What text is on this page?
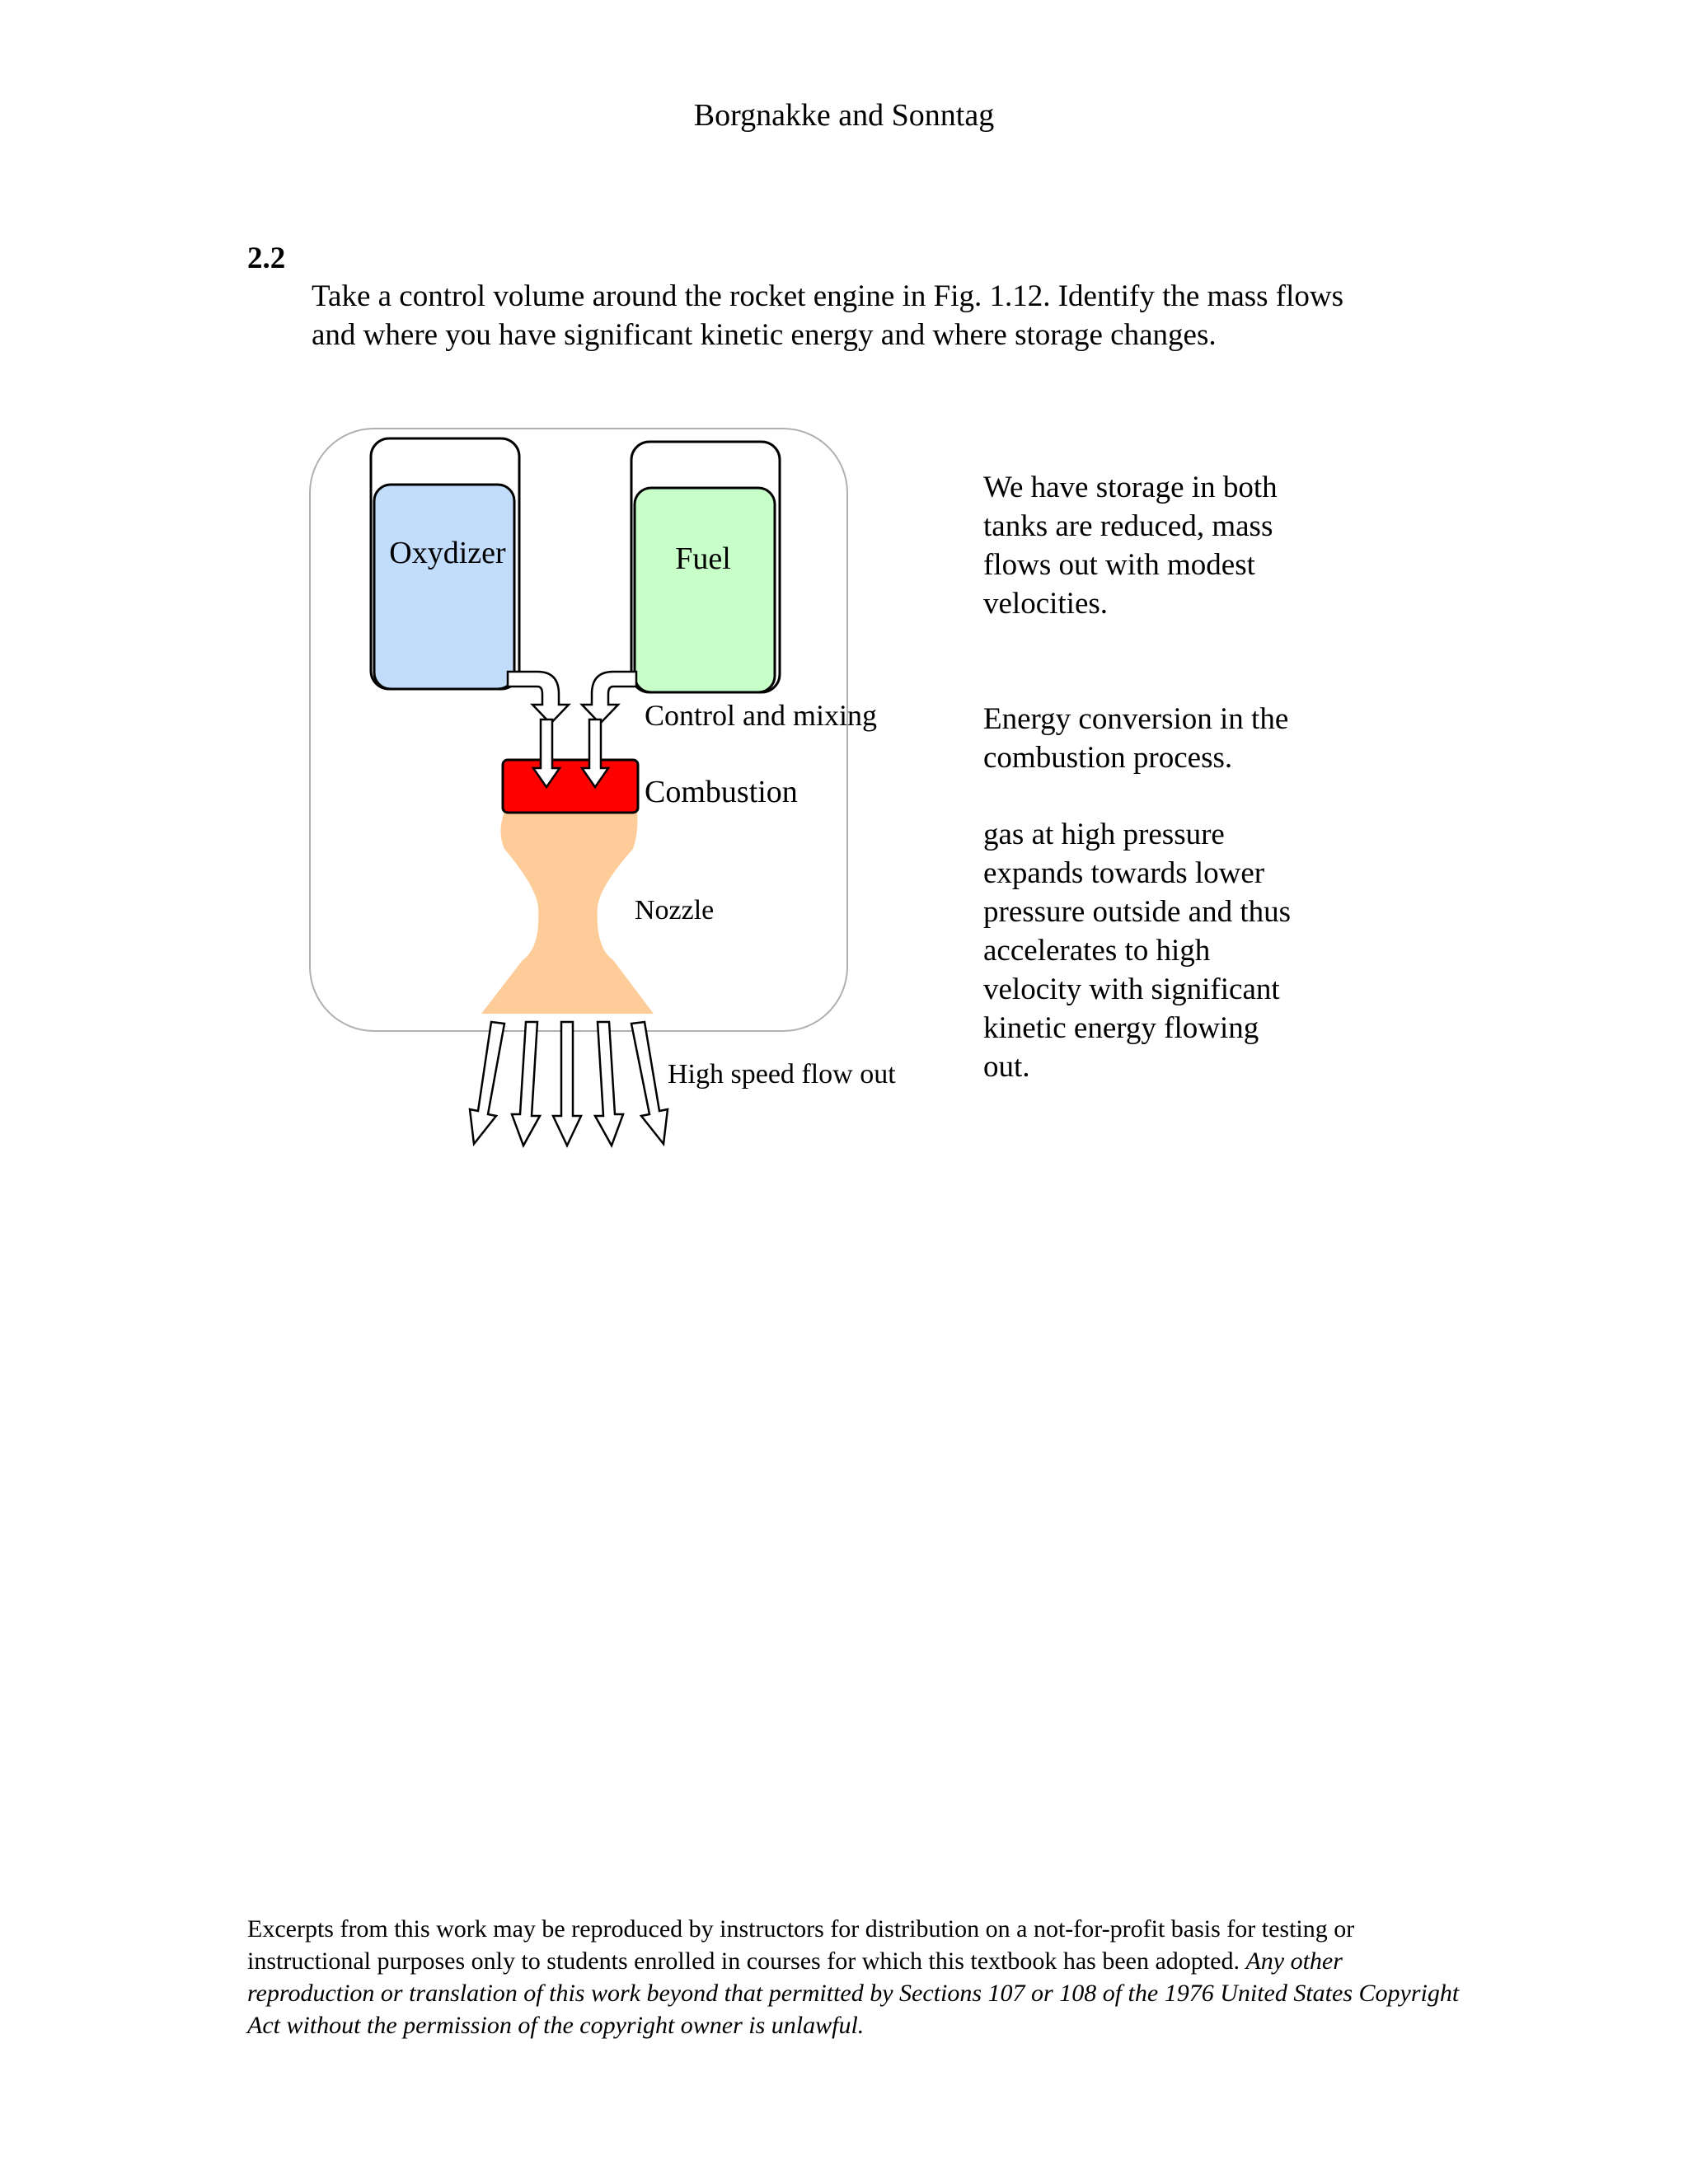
Borgnakke and Sonntag
2.2
Take a control volume around the rocket engine in Fig. 1.12. Identify the mass flows
and where you have significant kinetic energy and where storage changes.
Oxydizer	Fuel
Control and mixing
Combustion
Nozzle
High speed flow out
We have storage in both
tanks are reduced, mass
flows out with modest
velocities.
Energy conversion in the
combustion process.
gas at high pressure
expands towards lower
pressure outside and thus
accelerates to high
velocity with significant
kinetic energy flowing
out.
Excerpts from this work may be reproduced by instructors for distribution on a not-for-profit basis for testing or instructional purposes only to students enrolled in courses for which this textbook has been adopted. Any other reproduction or translation of this work beyond that permitted by Sections 107 or 108 of the 1976 United States Copyright Act without the permission of the copyright owner is unlawful.
